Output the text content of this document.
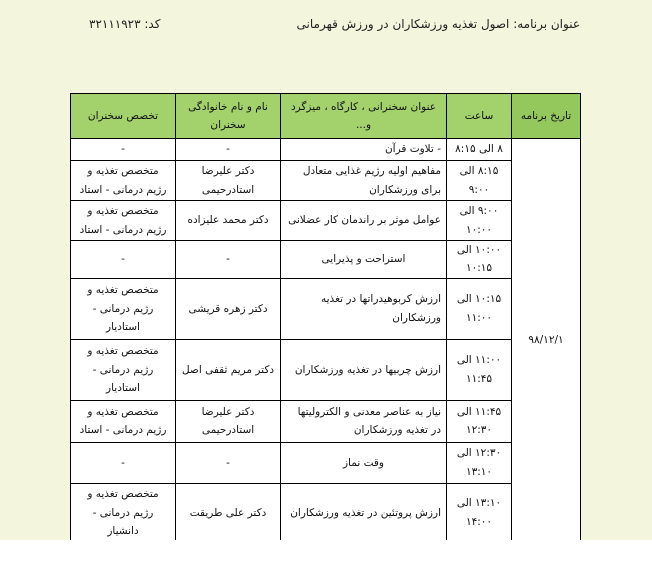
عنوان برنامه: اصول تغذیه ورزشکاران در ورزش قهرمانی
کد: ۳۲۱۱۱۹۲۳
تاریخ برنامه	ساعت	عنوان سخنرانی ، کارگاه ، میزگرد و...	نام و نام خانوادگی سخنران	تخصص سخنران
۹۸/۱۲/۱	۸ الی ۸:۱۵	- تلاوت قرآن	-	-
	۸:۱۵ الی ۹:۰۰	مفاهیم اولیه رژیم غذایی متعادل برای ورزشکاران	دکتر علیرضا استادرحیمی	متخصص تغذیه و رژیم درمانی - استاد
	۹:۰۰ الی ۱۰:۰۰	عوامل موثر بر راندمان کار عضلانی	دکتر محمد علیزاده	متخصص تغذیه و رژیم درمانی - استاد
	۱۰:۰۰ الی ۱۰:۱۵	استراحت و پذیرایی	-	-
	۱۰:۱۵ الی ۱۱:۰۰	ارزش کربوهیدراتها در تغذیه ورزشکاران	دکتر زهره قریشی	متخصص تغذیه و رژیم درمانی - استادیار
	۱۱:۰۰ الی ۱۱:۴۵	ارزش چربیها در تغذیه ورزشکاران	دکتر مریم ثقفی اصل	متخصص تغذیه و رژیم درمانی - استادیار
	۱۱:۴۵ الی ۱۲:۳۰	نیاز به عناصر معدنی و الکترولیتها در تغذیه ورزشکاران	دکتر علیرضا استادرحیمی	متخصص تغذیه و رژیم درمانی - استاد
	۱۲:۳۰ الی ۱۳:۱۰	وقت نماز	-	-
	۱۳:۱۰ الی ۱۴:۰۰	ارزش پروتئین در تغذیه ورزشکاران	دکتر علی طریقت	متخصص تغذیه و رژیم درمانی - دانشیار
